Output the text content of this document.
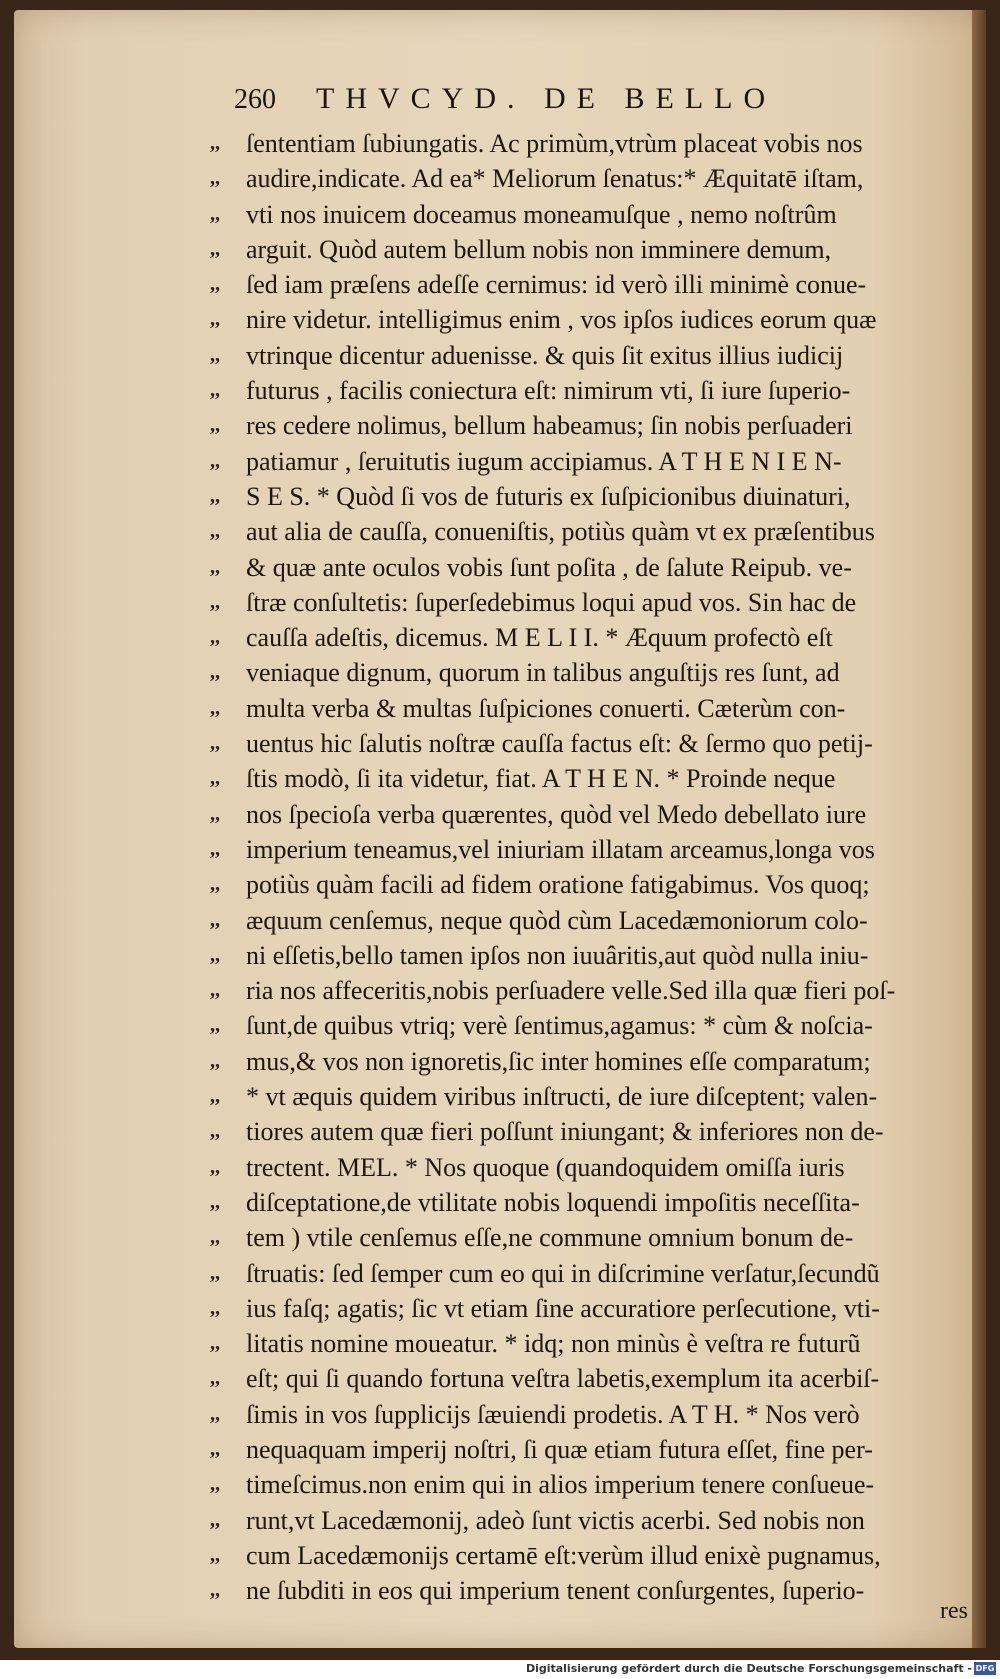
260 THVCYD. DE BELLO
,,	ſententiam ſubiungatis. Ac primùm,vtrùm placeat vobis nos
,,	audire,indicate. Ad ea* Meliorum ſenatus:* Æquitatē iſtam,
,,	vti nos inuicem doceamus moneamuſque , nemo noſtrûm
,,	arguit. Quòd autem bellum nobis non imminere demum,
,,	ſed iam præſens adeſſe cernimus: id verò illi minimè conue-
,,	nire videtur. intelligimus enim , vos ipſos iudices eorum quæ
,,	vtrinque dicentur aduenisse. & quis ſit exitus illius iudicij
,,	futurus , facilis coniectura eſt: nimirum vti, ſi iure ſuperio-
,,	res cedere nolimus, bellum habeamus; ſin nobis perſuaderi
,,	patiamur , ſeruitutis iugum accipiamus. A T H E N I E N-
,,	S E S. * Quòd ſi vos de futuris ex ſuſpicionibus diuinaturi,
,,	aut alia de cauſſa, conueniſtis, potiùs quàm vt ex præſentibus
,,	& quæ ante oculos vobis ſunt poſita , de ſalute Reipub. ve-
,,	ſtræ conſultetis: ſuperſedebimus loqui apud vos. Sin hac de
,,	cauſſa adeſtis, dicemus. M E L I I. * Æquum profectò eſt
,,	veniaque dignum, quorum in talibus anguſtijs res ſunt, ad
,,	multa verba & multas ſuſpiciones conuerti. Cæterùm con-
,,	uentus hic ſalutis noſtræ cauſſa factus eſt: & ſermo quo petij-
,,	ſtis modò, ſi ita videtur, fiat. A T H E N. * Proinde neque
,,	nos ſpecioſa verba quærentes, quòd vel Medo debellato iure
,,	imperium teneamus,vel iniuriam illatam arceamus,longa vos
,,	potiùs quàm facili ad fidem oratione fatigabimus. Vos quoq;
,,	æquum cenſemus, neque quòd cùm Lacedæmoniorum colo-
,,	ni eſſetis,bello tamen ipſos non iuuâritis,aut quòd nulla iniu-
,,	ria nos affeceritis,nobis perſuadere velle.Sed illa quæ fieri poſ-
,,	ſunt,de quibus vtriq; verè ſentimus,agamus: * cùm & noſcia-
,,	mus,& vos non ignoretis,ſic inter homines eſſe comparatum;
,,	* vt æquis quidem viribus inſtructi, de iure diſceptent; valen-
,,	tiores autem quæ fieri poſſunt iniungant; & inferiores non de-
,,	trectent. MEL. * Nos quoque (quandoquidem omiſſa iuris
,,	diſceptatione,de vtilitate nobis loquendi impoſitis neceſſita-
,,	tem ) vtile cenſemus eſſe,ne commune omnium bonum de-
,,	ſtruatis: ſed ſemper cum eo qui in diſcrimine verſatur,ſecundũ
,,	ius faſq; agatis; ſic vt etiam ſine accuratiore perſecutione, vti-
,,	litatis nomine moueatur. * idq; non minùs è veſtra re futurũ
,,	eſt; qui ſi quando fortuna veſtra labetis,exemplum ita acerbiſ-
,,	ſimis in vos ſupplicijs ſæuiendi prodetis. A T H. * Nos verò
,,	nequaquam imperij noſtri, ſi quæ etiam futura eſſet, fine per-
,,	timeſcimus.non enim qui in alios imperium tenere conſueue-
,,	runt,vt Lacedæmonij, adeò ſunt victis acerbi. Sed nobis non
,,	cum Lacedæmonijs certamē eſt:verùm illud enixè pugnamus,
,,	ne ſubditi in eos qui imperium tenent conſurgentes, ſuperio-
res
Digitalisierung gefördert durch die Deutsche Forschungsgemeinschaft - DFG
